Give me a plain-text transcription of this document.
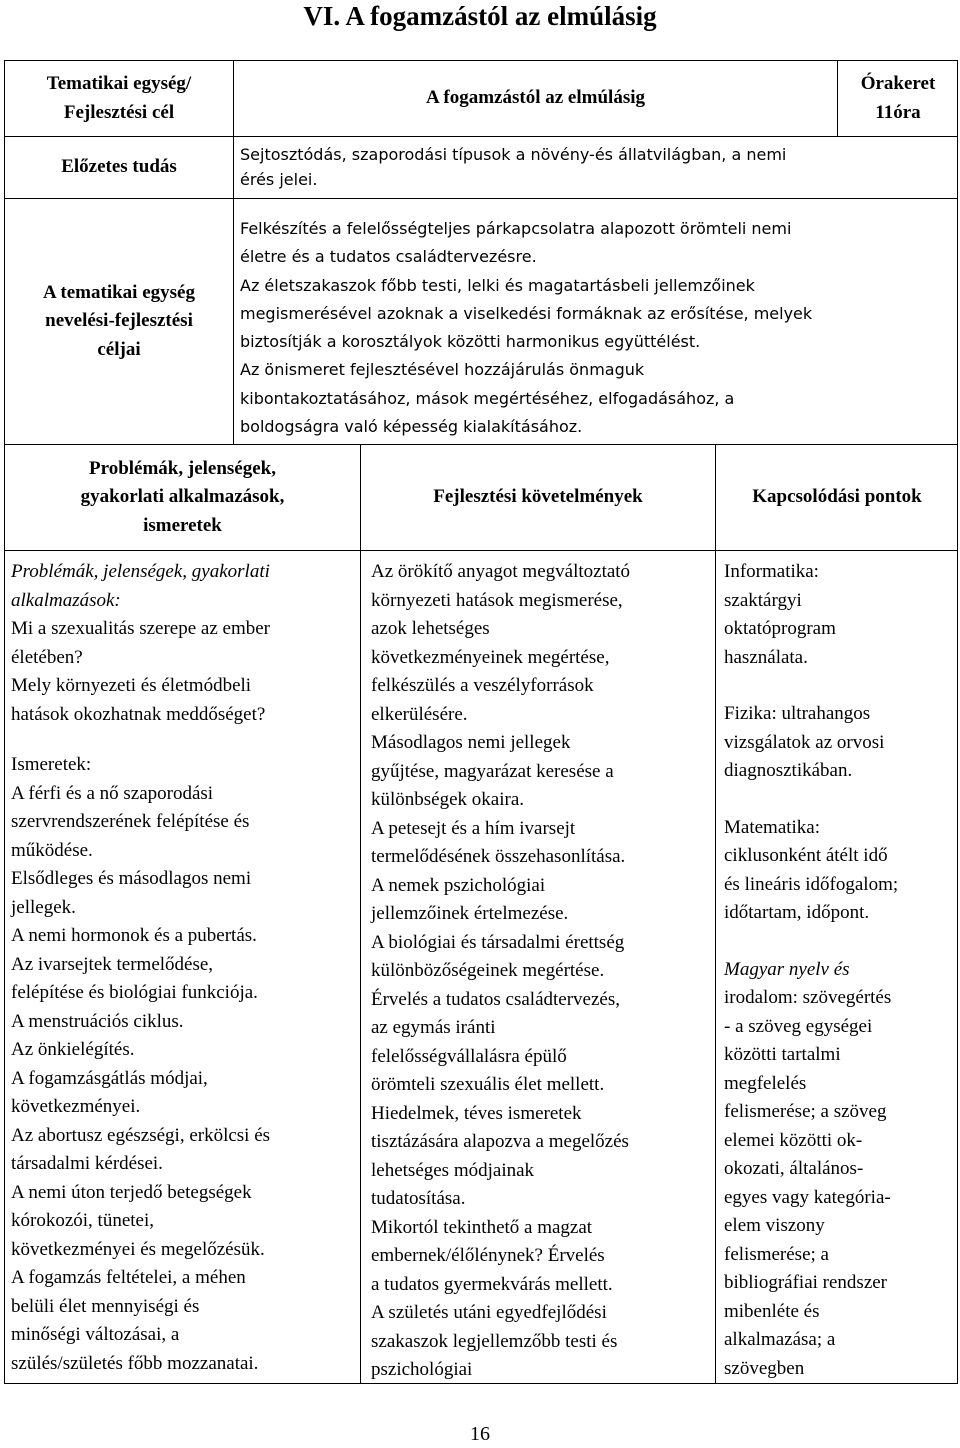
VI. A fogamzástól az elmúlásig
Tematikai egység/
Fejlesztési cél
A fogamzástól az elmúlásig
Órakeret
11óra
Előzetes tudás
Sejtosztódás, szaporodási típusok a növény-és állatvilágban, a nemi
érés jelei.
A tematikai egység
nevelési-fejlesztési
céljai
Felkészítés a felelősségteljes párkapcsolatra alapozott örömteli nemi
életre és a tudatos családtervezésre.
Az életszakaszok főbb testi, lelki és magatartásbeli jellemzőinek
megismerésével azoknak a viselkedési formáknak az erősítése, melyek
biztosítják a korosztályok közötti harmonikus együttélést.
Az önismeret fejlesztésével hozzájárulás önmaguk
kibontakoztatásához, mások megértéséhez, elfogadásához, a
boldogságra való képesség kialakításához.
Problémák, jelenségek,
gyakorlati alkalmazások,
ismeretek
Fejlesztési követelmények	Kapcsolódási pontok
Problémák, jelenségek, gyakorlati
alkalmazások:
Mi a szexualitás szerepe az ember
életében?
Mely környezeti és életmódbeli
hatások okozhatnak meddőséget?
Ismeretek:
A férfi és a nő szaporodási
szervrendszerének felépítése és
működése.
Elsődleges és másodlagos nemi
jellegek.
A nemi hormonok és a pubertás.
Az ivarsejtek termelődése,
felépítése és biológiai funkciója.
A menstruációs ciklus.
Az önkielégítés.
A fogamzásgátlás módjai,
következményei.
Az abortusz egészségi, erkölcsi és
társadalmi kérdései.
A nemi úton terjedő betegségek
kórokozói, tünetei,
következményei és megelőzésük.
A fogamzás feltételei, a méhen
belüli élet mennyiségi és
minőségi változásai, a
szülés/születés főbb mozzanatai.
Az örökítő anyagot megváltoztató
környezeti hatások megismerése,
azok lehetséges
következményeinek megértése,
felkészülés a veszélyforrások
elkerülésére.
Másodlagos nemi jellegek
gyűjtése, magyarázat keresése a
különbségek okaira.
A petesejt és a hím ivarsejt
termelődésének összehasonlítása.
A nemek pszichológiai
jellemzőinek értelmezése.
A biológiai és társadalmi érettség
különbözőségeinek megértése.
Érvelés a tudatos családtervezés,
az egymás iránti
felelősségvállalásra épülő
örömteli szexuális élet mellett.
Hiedelmek, téves ismeretek
tisztázására alapozva a megelőzés
lehetséges módjainak
tudatosítása.
Mikortól tekinthető a magzat
embernek/élőlénynek? Érvelés
a tudatos gyermekvárás mellett.
A születés utáni egyedfejlődési
szakaszok legjellemzőbb testi és
pszichológiai
Informatika:
szaktárgyi
oktatóprogram
használata.
Fizika: ultrahangos
vizsgálatok az orvosi
diagnosztikában.
Matematika:
ciklusonként átélt idő
és lineáris időfogalom;
időtartam, időpont.
Magyar nyelv és
irodalom: szövegértés
- a szöveg egységei
közötti tartalmi
megfelelés
felismerése; a szöveg
elemei közötti ok-
okozati, általános-
egyes vagy kategória-
elem viszony
felismerése; a
bibliográfiai rendszer
mibenléte és
alkalmazása; a
szövegben
16
